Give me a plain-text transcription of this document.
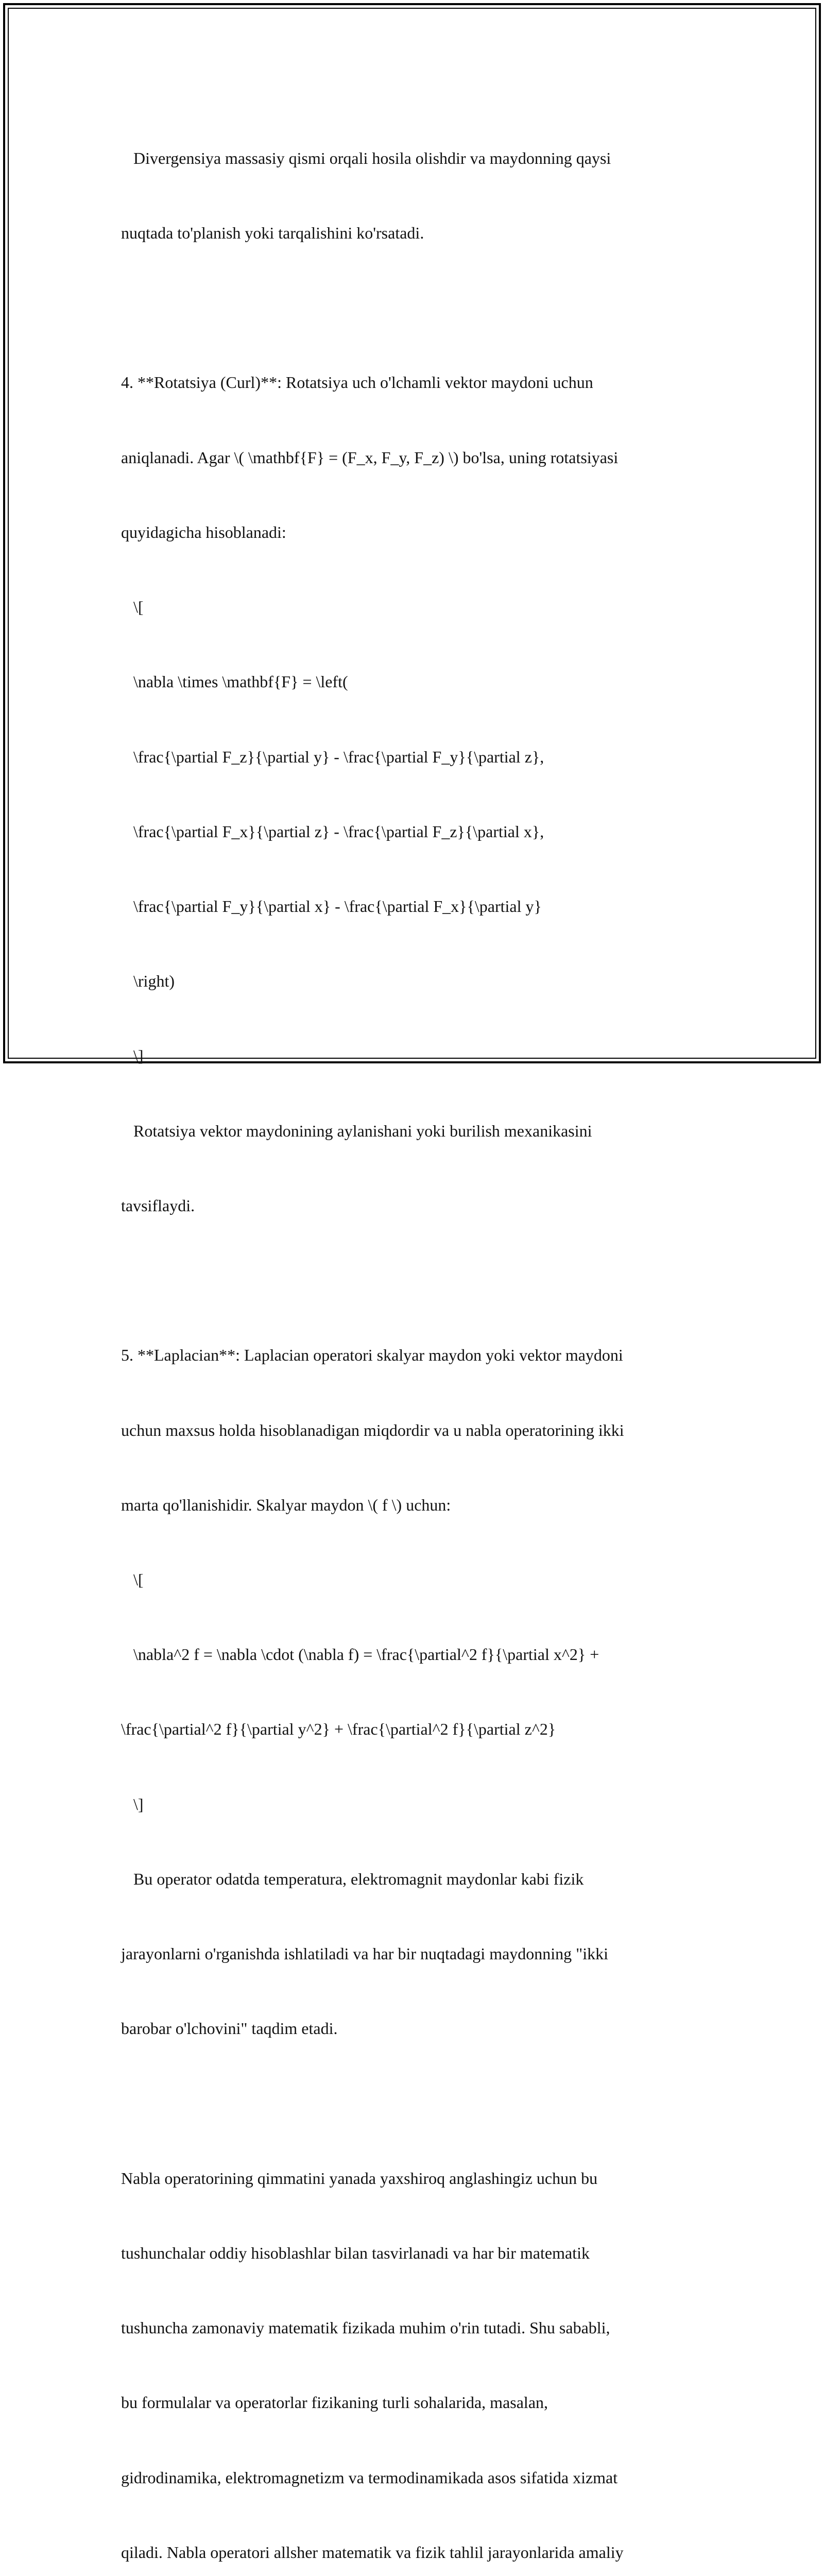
Divergensiya massasiy qismi orqali hosila olishdir va maydonning qaysi

nuqtada to'planish yoki tarqalishini ko'rsatadi.

4. **Rotatsiya (Curl)**: Rotatsiya uch o'lchamli vektor maydoni uchun

aniqlanadi. Agar \( \mathbf{F} = (F_x, F_y, F_z) \) bo'lsa, uning rotatsiyasi

quyidagicha hisoblanadi:

\[

\nabla \times \mathbf{F} = \left(

\frac{\partial F_z}{\partial y} - \frac{\partial F_y}{\partial z},

\frac{\partial F_x}{\partial z} - \frac{\partial F_z}{\partial x},

\frac{\partial F_y}{\partial x} - \frac{\partial F_x}{\partial y}

\right)

\]

Rotatsiya vektor maydonining aylanishani yoki burilish mexanikasini

tavsiflaydi.

5. **Laplacian**: Laplacian operatori skalyar maydon yoki vektor maydoni

uchun maxsus holda hisoblanadigan miqdordir va u nabla operatorining ikki

marta qo'llanishidir. Skalyar maydon \( f \) uchun:

\[

\nabla^2 f = \nabla \cdot (\nabla f) = \frac{\partial^2 f}{\partial x^2} +

\frac{\partial^2 f}{\partial y^2} + \frac{\partial^2 f}{\partial z^2}

\]

Bu operator odatda temperatura, elektromagnit maydonlar kabi fizik

jarayonlarni o'rganishda ishlatiladi va har bir nuqtadagi maydonning "ikki

barobar o'lchovini" taqdim etadi.

Nabla operatorining qimmatini yanada yaxshiroq anglashingiz uchun bu

tushunchalar oddiy hisoblashlar bilan tasvirlanadi va har bir matematik

tushuncha zamonaviy matematik fizikada muhim o'rin tutadi. Shu sababli,

bu formulalar va operatorlar fizikaning turli sohalarida, masalan,

gidrodinamika, elektromagnetizm va termodinamikada asos sifatida xizmat

qiladi. Nabla operatori allsher matematik va fizik tahlil jarayonlarida amaliy
